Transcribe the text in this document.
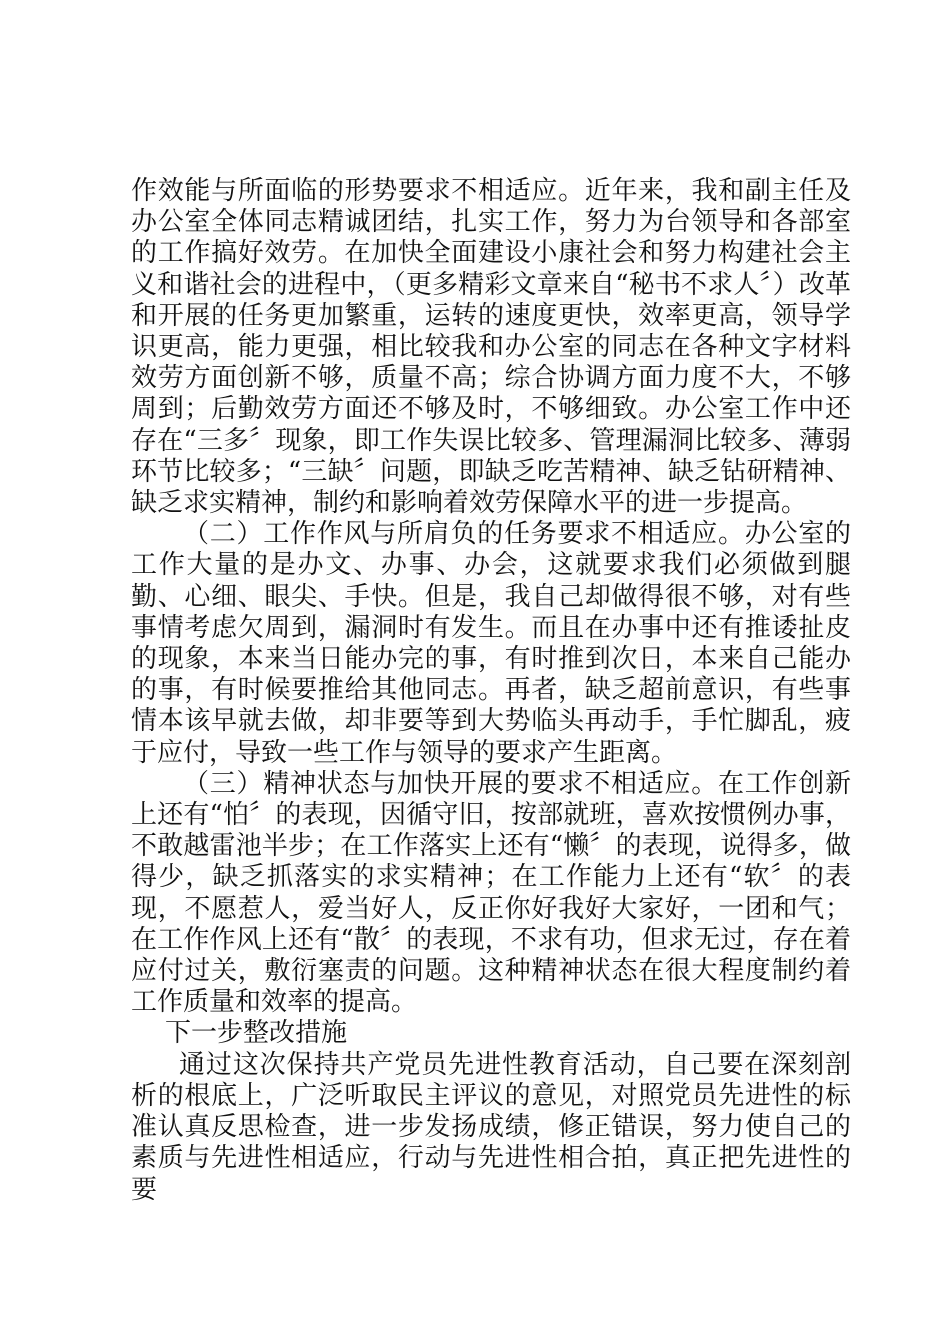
作效能与所面临的形势要求不相适应。近年来，我和副主任及办公室全体同志精诚团结，扎实工作，努力为台领导和各部室的工作搞好效劳。在加快全面建设小康社会和努力构建社会主义和谐社会的进程中，（更多精彩文章来自“秘书不求人〞）改革和开展的任务更加繁重，运转的速度更快，效率更高，领导学识更高，能力更强，相比较我和办公室的同志在各种文字材料效劳方面创新不够，质量不高；综合协调方面力度不大，不够周到；后勤效劳方面还不够及时，不够细致。办公室工作中还存在“三多〞现象，即工作失误比较多、管理漏洞比较多、薄弱环节比较多；“三缺〞问题，即缺乏吃苦精神、缺乏钻研精神、缺乏求实精神，制约和影响着效劳保障水平的进一步提高。

（二）工作作风与所肩负的任务要求不相适应。办公室的工作大量的是办文、办事、办会，这就要求我们必须做到腿勤、心细、眼尖、手快。但是，我自己却做得很不够，对有些事情考虑欠周到，漏洞时有发生。而且在办事中还有推诿扯皮的现象，本来当日能办完的事，有时推到次日，本来自己能办的事，有时候要推给其他同志。再者，缺乏超前意识，有些事情本该早就去做，却非要等到大势临头再动手，手忙脚乱，疲于应付，导致一些工作与领导的要求产生距离。

（三）精神状态与加快开展的要求不相适应。在工作创新上还有“怕〞的表现，因循守旧，按部就班，喜欢按惯例办事，不敢越雷池半步；在工作落实上还有“懒〞的表现，说得多，做得少，缺乏抓落实的求实精神；在工作能力上还有“软〞的表现，不愿惹人，爱当好人，反正你好我好大家好，一团和气；在工作作风上还有“散〞的表现，不求有功，但求无过，存在着应付过关，敷衍塞责的问题。这种精神状态在很大程度制约着工作质量和效率的提高。

下一步整改措施

通过这次保持共产党员先进性教育活动，自己要在深刻剖析的根底上，广泛听取民主评议的意见，对照党员先进性的标准认真反思检查，进一步发扬成绩，修正错误，努力使自己的素质与先进性相适应，行动与先进性相合拍，真正把先进性的要
